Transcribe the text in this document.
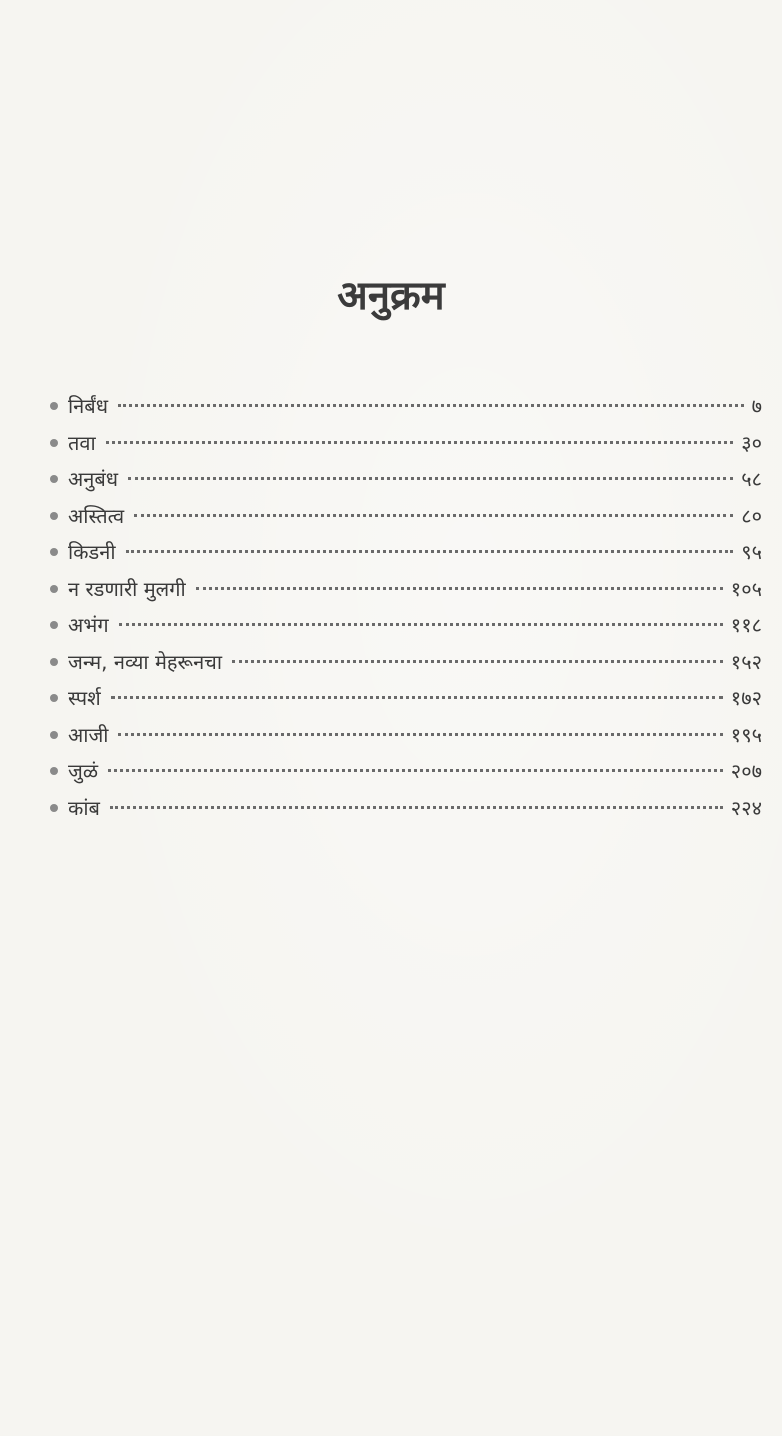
अनुक्रम
निर्बंध	७
तवा	३०
अनुबंध	५८
अस्तित्व	८०
किडनी	९५
न रडणारी मुलगी	१०५
अभंग	११८
जन्म, नव्या मेहरूनचा	१५२
स्पर्श	१७२
आजी	१९५
जुळं	२०७
कांब	२२४
